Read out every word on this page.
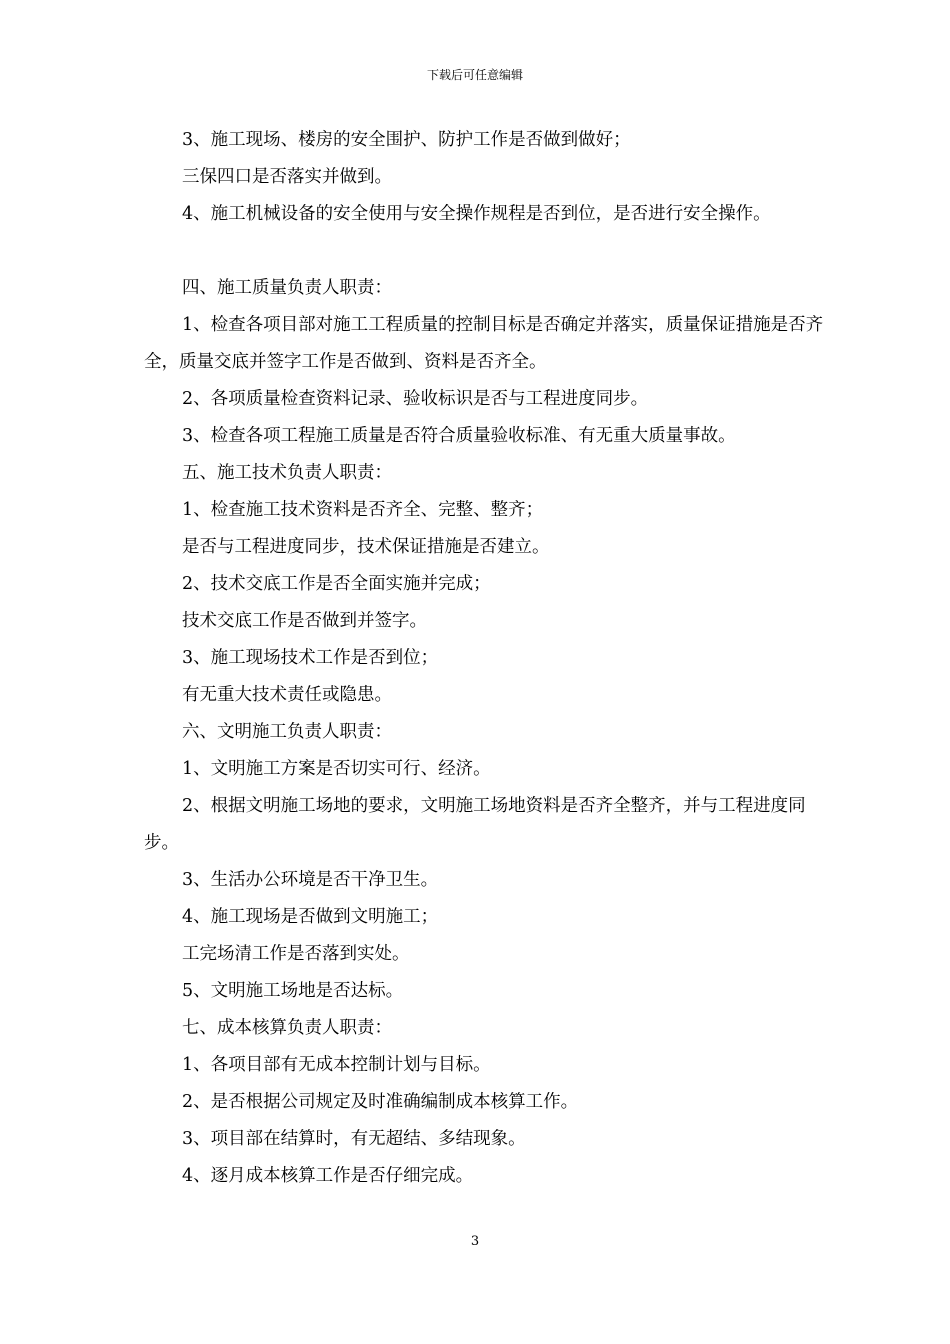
下载后可任意编辑

3、施工现场、楼房的安全围护、防护工作是否做到做好；

三保四口是否落实并做到。

4、施工机械设备的安全使用与安全操作规程是否到位，是否进行安全操作。

四、施工质量负责人职责：

1、检查各项目部对施工工程质量的控制目标是否确定并落实，质量保证措施是否齐全，质量交底并签字工作是否做到、资料是否齐全。

2、各项质量检查资料记录、验收标识是否与工程进度同步。

3、检查各项工程施工质量是否符合质量验收标准、有无重大质量事故。

五、施工技术负责人职责：

1、检查施工技术资料是否齐全、完整、整齐；

是否与工程进度同步，技术保证措施是否建立。

2、技术交底工作是否全面实施并完成；

技术交底工作是否做到并签字。

3、施工现场技术工作是否到位；

有无重大技术责任或隐患。

六、文明施工负责人职责：

1、文明施工方案是否切实可行、经济。

2、根据文明施工场地的要求，文明施工场地资料是否齐全整齐，并与工程进度同步。

3、生活办公环境是否干净卫生。

4、施工现场是否做到文明施工；

工完场清工作是否落到实处。

5、文明施工场地是否达标。

七、成本核算负责人职责：

1、各项目部有无成本控制计划与目标。

2、是否根据公司规定及时准确编制成本核算工作。

3、项目部在结算时，有无超结、多结现象。

4、逐月成本核算工作是否仔细完成。

3
